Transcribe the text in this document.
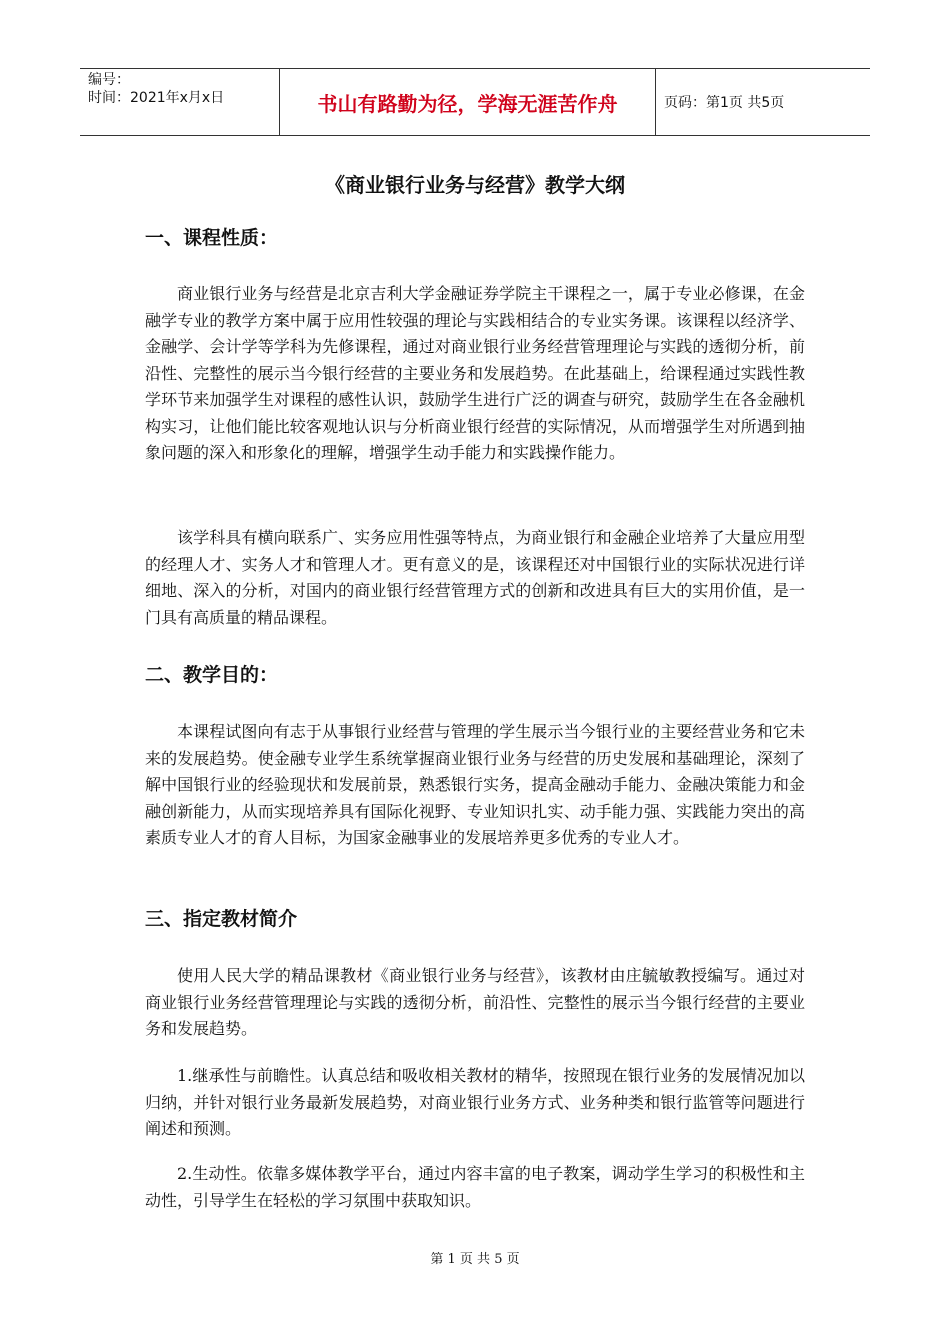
编号：
时间：2021年x月x日	书山有路勤为径，学海无涯苦作舟	页码：第1页 共5页
《商业银行业务与经营》教学大纲
一、课程性质：

商业银行业务与经营是北京吉利大学金融证券学院主干课程之一，属于专业必修课，在金融学专业的教学方案中属于应用性较强的理论与实践相结合的专业实务课。该课程以经济学、金融学、会计学等学科为先修课程，通过对商业银行业务经营管理理论与实践的透彻分析，前沿性、完整性的展示当今银行经营的主要业务和发展趋势。在此基础上，给课程通过实践性教学环节来加强学生对课程的感性认识，鼓励学生进行广泛的调查与研究，鼓励学生在各金融机构实习，让他们能比较客观地认识与分析商业银行经营的实际情况，从而增强学生对所遇到抽象问题的深入和形象化的理解，增强学生动手能力和实践操作能力。

该学科具有横向联系广、实务应用性强等特点，为商业银行和金融企业培养了大量应用型的经理人才、实务人才和管理人才。更有意义的是，该课程还对中国银行业的实际状况进行详细地、深入的分析，对国内的商业银行经营管理方式的创新和改进具有巨大的实用价值，是一门具有高质量的精品课程。

二、教学目的：

本课程试图向有志于从事银行业经营与管理的学生展示当今银行业的主要经营业务和它未来的发展趋势。使金融专业学生系统掌握商业银行业务与经营的历史发展和基础理论，深刻了解中国银行业的经验现状和发展前景，熟悉银行实务，提高金融动手能力、金融决策能力和金融创新能力，从而实现培养具有国际化视野、专业知识扎实、动手能力强、实践能力突出的高素质专业人才的育人目标，为国家金融事业的发展培养更多优秀的专业人才。

三、指定教材简介

使用人民大学的精品课教材《商业银行业务与经营》，该教材由庄毓敏教授编写。通过对商业银行业务经营管理理论与实践的透彻分析，前沿性、完整性的展示当今银行经营的主要业务和发展趋势。

1.继承性与前瞻性。认真总结和吸收相关教材的精华，按照现在银行业务的发展情况加以归纳，并针对银行业务最新发展趋势，对商业银行业务方式、业务种类和银行监管等问题进行阐述和预测。

2.生动性。依靠多媒体教学平台，通过内容丰富的电子教案，调动学生学习的积极性和主动性，引导学生在轻松的学习氛围中获取知识。

第 1 页 共 5 页
